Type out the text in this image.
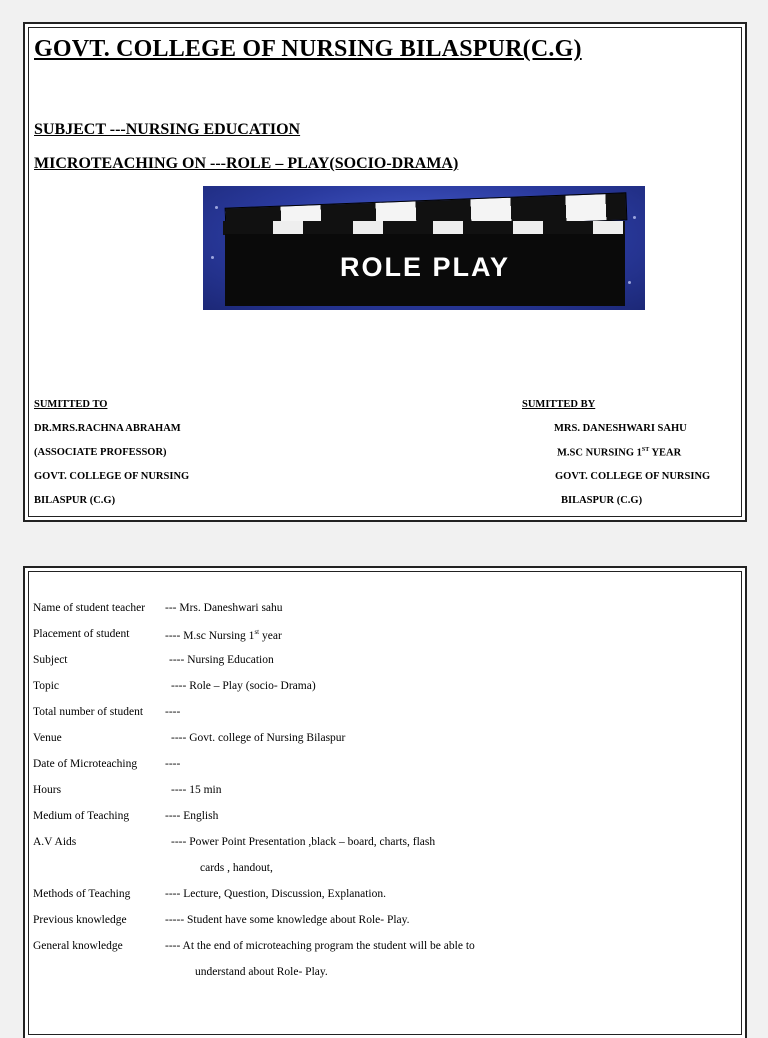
GOVT. COLLEGE OF NURSING BILASPUR(C.G)
SUBJECT ---NURSING EDUCATION
MICROTEACHING ON ---ROLE – PLAY(SOCIO-DRAMA)
ROLE PLAY
SUMITTED TO
DR.MRS.RACHNA ABRAHAM
(ASSOCIATE PROFESSOR)
GOVT. COLLEGE OF NURSING
BILASPUR (C.G)
SUMITTED BY
MRS. DANESHWARI SAHU
M.SC NURSING 1ST YEAR
GOVT. COLLEGE OF NURSING
BILASPUR (C.G)
Name of student teacher --- Mrs. Daneshwari sahu
Placement of student	---- M.sc Nursing 1st year
Subject	---- Nursing Education
Topic	---- Role – Play (socio- Drama)
Total number of student ----
Venue	---- Govt. college of Nursing Bilaspur
Date of Microteaching ----
Hours	---- 15 min
Medium of Teaching	---- English
A.V Aids	---- Power Point Presentation ,black – board, charts, flash
cards , handout,
Methods of Teaching	---- Lecture, Question, Discussion, Explanation.
Previous knowledge	----- Student have some knowledge about Role- Play.
General knowledge	---- At the end of microteaching program the student will be able to
understand about Role- Play.
